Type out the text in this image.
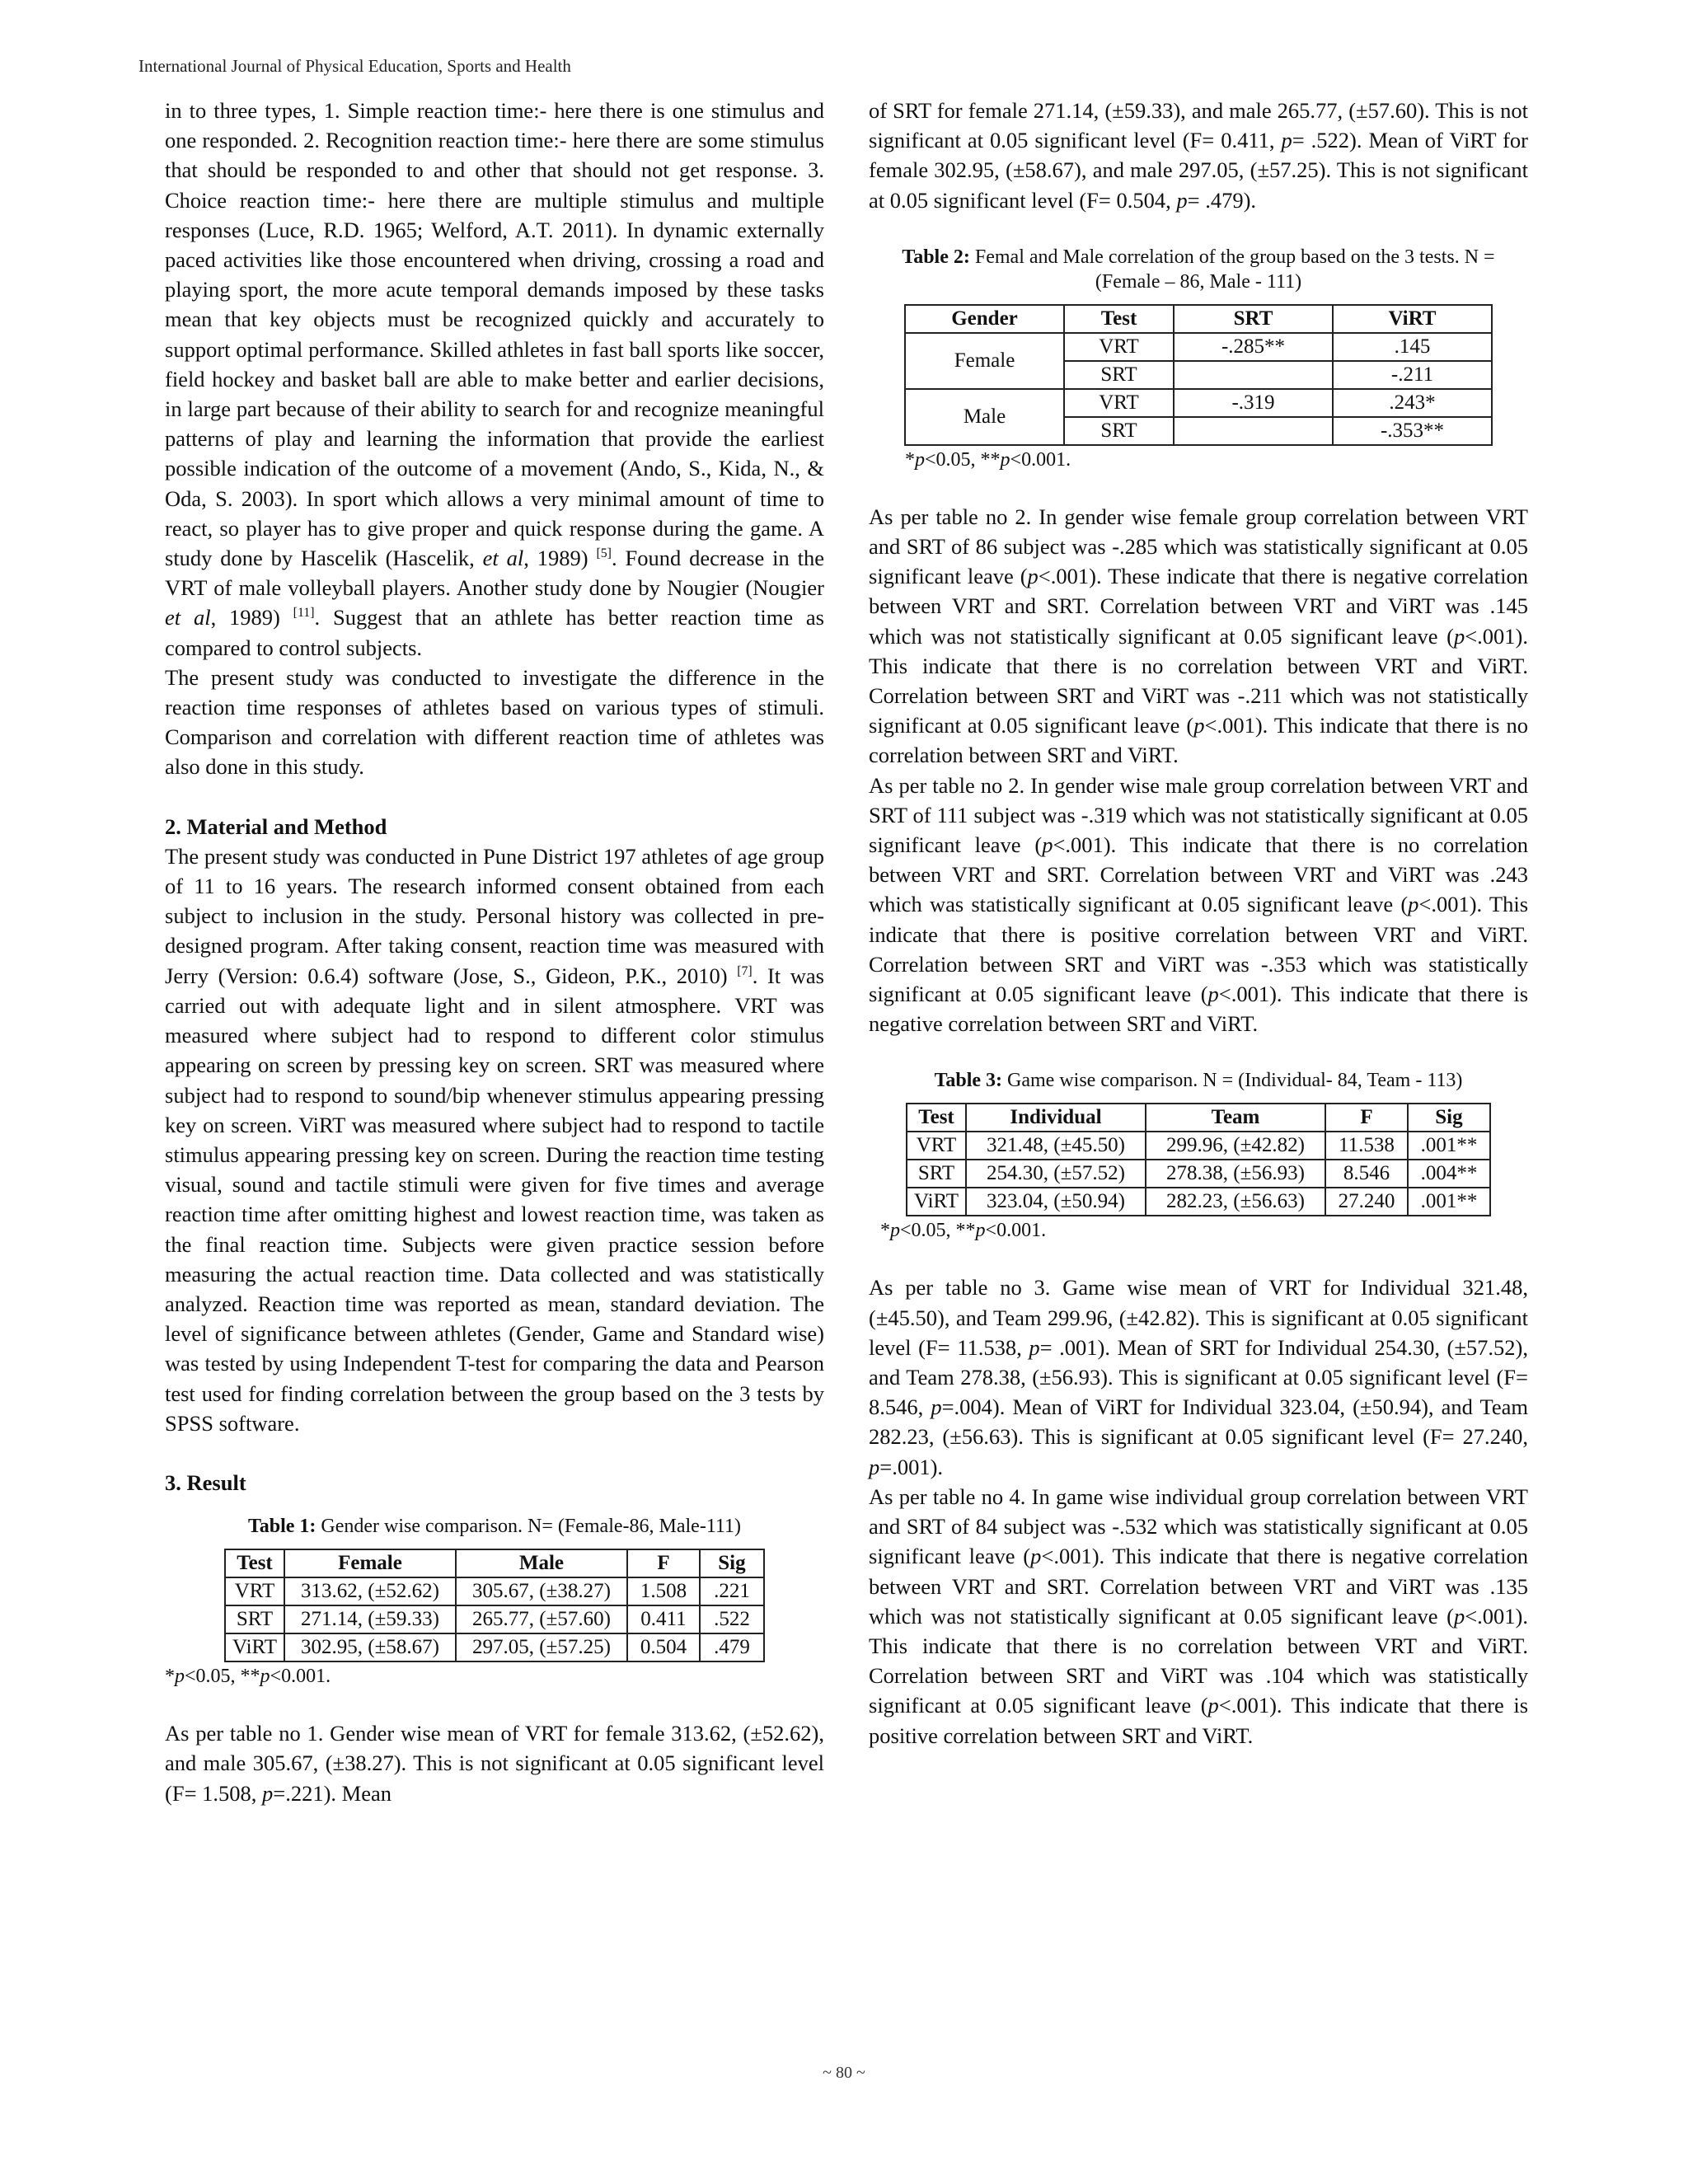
International Journal of Physical Education, Sports and Health

in to three types, 1. Simple reaction time:- here there is one stimulus and one responded. 2. Recognition reaction time:- here there are some stimulus that should be responded to and other that should not get response. 3. Choice reaction time:- here there are multiple stimulus and multiple responses (Luce, R.D. 1965; Welford, A.T. 2011). In dynamic externally paced activities like those encountered when driving, crossing a road and playing sport, the more acute temporal demands imposed by these tasks mean that key objects must be recognized quickly and accurately to support optimal performance. Skilled athletes in fast ball sports like soccer, field hockey and basket ball are able to make better and earlier decisions, in large part because of their ability to search for and recognize meaningful patterns of play and learning the information that provide the earliest possible indication of the outcome of a movement (Ando, S., Kida, N., & Oda, S. 2003). In sport which allows a very minimal amount of time to react, so player has to give proper and quick response during the game. A study done by Hascelik (Hascelik, et al, 1989) [5]. Found decrease in the VRT of male volleyball players. Another study done by Nougier (Nougier et al, 1989) [11]. Suggest that an athlete has better reaction time as compared to control subjects.

The present study was conducted to investigate the difference in the reaction time responses of athletes based on various types of stimuli. Comparison and correlation with different reaction time of athletes was also done in this study.

2. Material and Method

The present study was conducted in Pune District 197 athletes of age group of 11 to 16 years. The research informed consent obtained from each subject to inclusion in the study. Personal history was collected in pre-designed program. After taking consent, reaction time was measured with Jerry (Version: 0.6.4) software (Jose, S., Gideon, P.K., 2010) [7]. It was carried out with adequate light and in silent atmosphere. VRT was measured where subject had to respond to different color stimulus appearing on screen by pressing key on screen. SRT was measured where subject had to respond to sound/bip whenever stimulus appearing pressing key on screen. ViRT was measured where subject had to respond to tactile stimulus appearing pressing key on screen. During the reaction time testing visual, sound and tactile stimuli were given for five times and average reaction time after omitting highest and lowest reaction time, was taken as the final reaction time. Subjects were given practice session before measuring the actual reaction time. Data collected and was statistically analyzed. Reaction time was reported as mean, standard deviation. The level of significance between athletes (Gender, Game and Standard wise) was tested by using Independent T-test for comparing the data and Pearson test used for finding correlation between the group based on the 3 tests by SPSS software.

3. Result

Table 1: Gender wise comparison. N= (Female-86, Male-111)

Test	Female	Male	F	Sig
VRT	313.62, (±52.62)	305.67, (±38.27)	1.508	.221
SRT	271.14, (±59.33)	265.77, (±57.60)	0.411	.522
ViRT	302.95, (±58.67)	297.05, (±57.25)	0.504	.479

*p<0.05, **p<0.001.

As per table no 1. Gender wise mean of VRT for female 313.62, (±52.62), and male 305.67, (±38.27). This is not significant at 0.05 significant level (F= 1.508, p=.221). Mean

of SRT for female 271.14, (±59.33), and male 265.77, (±57.60). This is not significant at 0.05 significant level (F= 0.411, p= .522). Mean of ViRT for female 302.95, (±58.67), and male 297.05, (±57.25). This is not significant at 0.05 significant level (F= 0.504, p= .479).

Table 2: Femal and Male correlation of the group based on the 3 tests. N = (Female – 86, Male - 111)

Gender	Test	SRT	ViRT
Female	VRT	-.285**	.145
	SRT		-.211
Male	VRT	-.319	.243*
	SRT		-.353**

*p<0.05, **p<0.001.

As per table no 2. In gender wise female group correlation between VRT and SRT of 86 subject was -.285 which was statistically significant at 0.05 significant leave (p<.001). These indicate that there is negative correlation between VRT and SRT. Correlation between VRT and ViRT was .145 which was not statistically significant at 0.05 significant leave (p<.001). This indicate that there is no correlation between VRT and ViRT. Correlation between SRT and ViRT was -.211 which was not statistically significant at 0.05 significant leave (p<.001). This indicate that there is no correlation between SRT and ViRT.

As per table no 2. In gender wise male group correlation between VRT and SRT of 111 subject was -.319 which was not statistically significant at 0.05 significant leave (p<.001). This indicate that there is no correlation between VRT and SRT. Correlation between VRT and ViRT was .243 which was statistically significant at 0.05 significant leave (p<.001). This indicate that there is positive correlation between VRT and ViRT. Correlation between SRT and ViRT was -.353 which was statistically significant at 0.05 significant leave (p<.001). This indicate that there is negative correlation between SRT and ViRT.

Table 3: Game wise comparison. N = (Individual- 84, Team - 113)

Test	Individual	Team	F	Sig
VRT	321.48, (±45.50)	299.96, (±42.82)	11.538	.001**
SRT	254.30, (±57.52)	278.38, (±56.93)	8.546	.004**
ViRT	323.04, (±50.94)	282.23, (±56.63)	27.240	.001**

*p<0.05, **p<0.001.

As per table no 3. Game wise mean of VRT for Individual 321.48, (±45.50), and Team 299.96, (±42.82). This is significant at 0.05 significant level (F= 11.538, p= .001). Mean of SRT for Individual 254.30, (±57.52), and Team 278.38, (±56.93). This is significant at 0.05 significant level (F= 8.546, p=.004). Mean of ViRT for Individual 323.04, (±50.94), and Team 282.23, (±56.63). This is significant at 0.05 significant level (F= 27.240, p=.001).

As per table no 4. In game wise individual group correlation between VRT and SRT of 84 subject was -.532 which was statistically significant at 0.05 significant leave (p<.001). This indicate that there is negative correlation between VRT and SRT. Correlation between VRT and ViRT was .135 which was not statistically significant at 0.05 significant leave (p<.001). This indicate that there is no correlation between VRT and ViRT. Correlation between SRT and ViRT was .104 which was statistically significant at 0.05 significant leave (p<.001). This indicate that there is positive correlation between SRT and ViRT.

~ 80 ~
